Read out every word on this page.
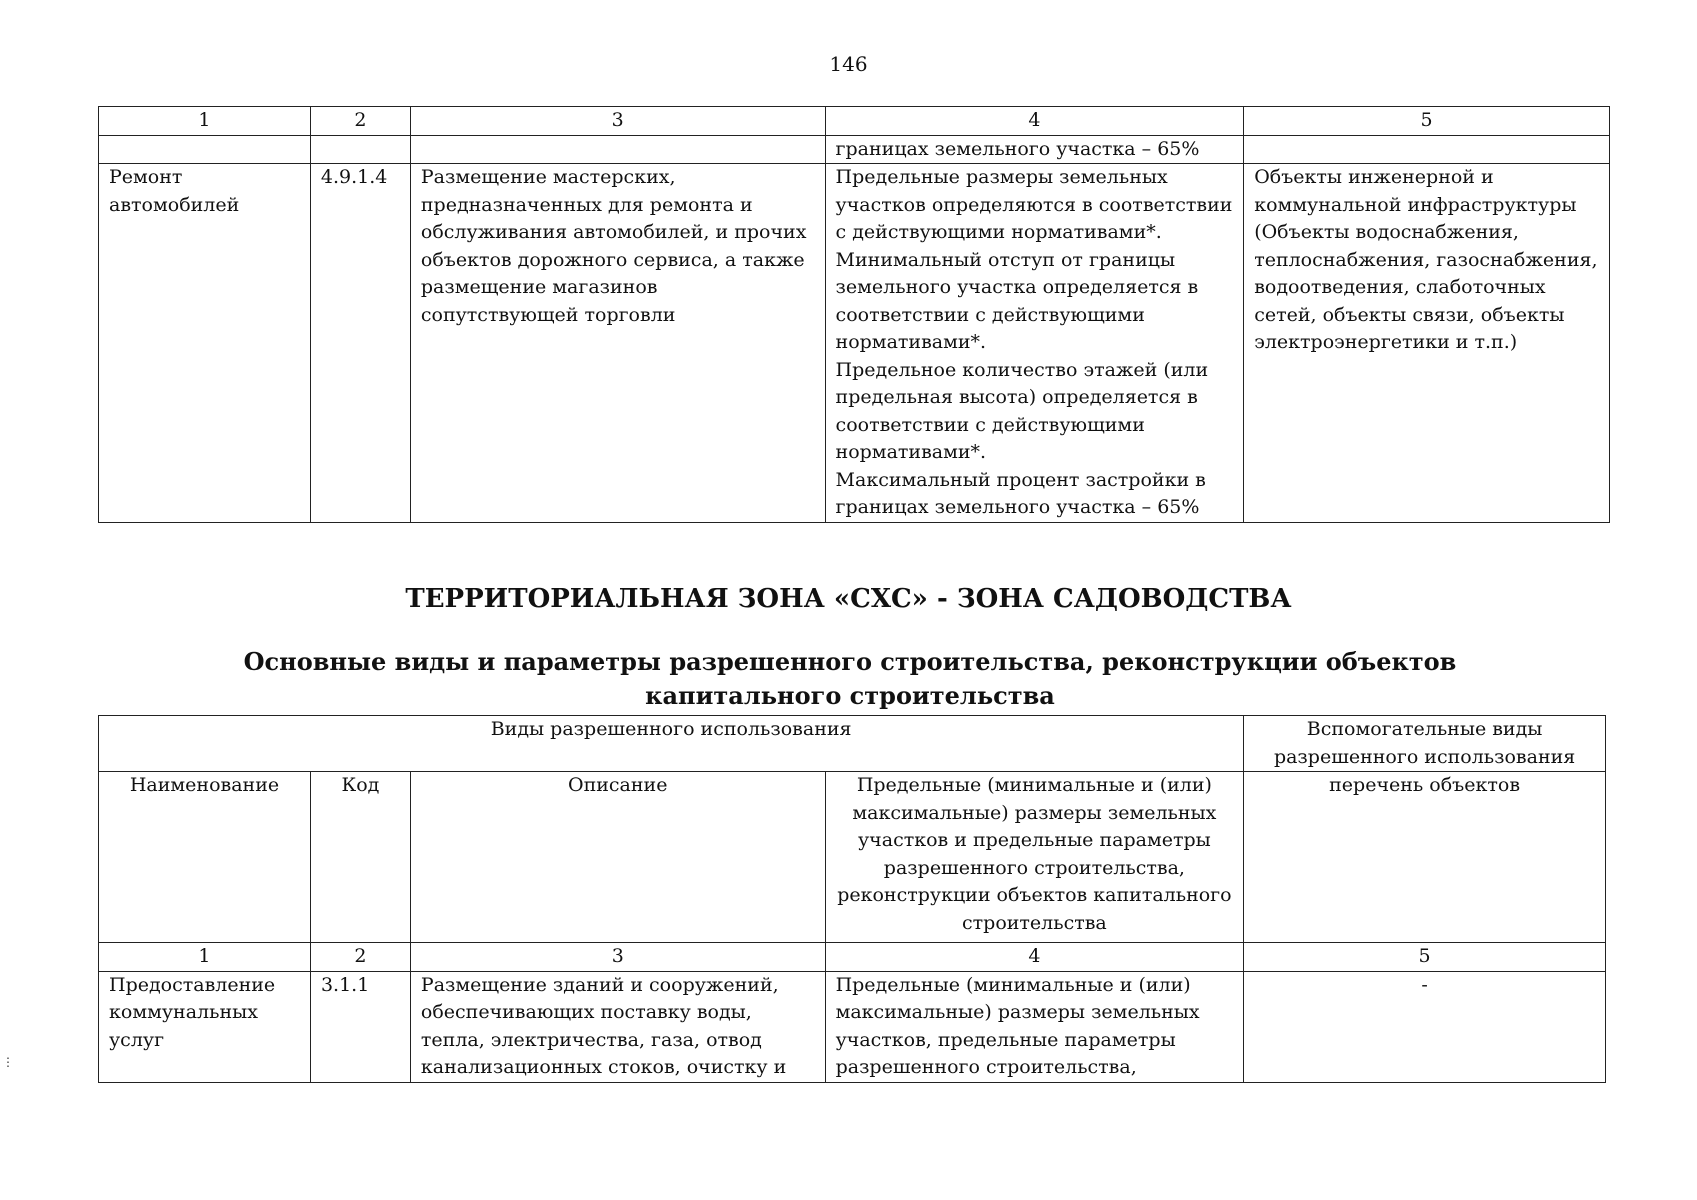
146
1	2	3	4	5
			границах земельного участка – 65%	
Ремонт автомобилей	4.9.1.4	Размещение мастерских, предназначенных для ремонта и обслуживания автомобилей, и прочих объектов дорожного сервиса, а также размещение магазинов сопутствующей торговли	Предельные размеры земельных участков определяются в соответствии с действующими нормативами*.
Минимальный отступ от границы земельного участка определяется в соответствии с действующими нормативами*.
Предельное количество этажей (или предельная высота) определяется в соответствии с действующими нормативами*.
Максимальный процент застройки в границах земельного участка – 65%	Объекты инженерной и коммунальной инфраструктуры (Объекты водоснабжения, теплоснабжения, газоснабжения, водоотведения, слаботочных сетей, объекты связи, объекты электроэнергетики и т.п.)
ТЕРРИТОРИАЛЬНАЯ ЗОНА «СХС» - ЗОНА САДОВОДСТВА
Основные виды и параметры разрешенного строительства, реконструкции объектов капитального строительства
Виды разрешенного использования				Вспомогательные виды разрешенного использования
Наименование	Код	Описание	Предельные (минимальные и (или) максимальные) размеры земельных участков и предельные параметры разрешенного строительства, реконструкции объектов капитального строительства	перечень объектов
1	2	3	4	5
Предоставление коммунальных услуг	3.1.1	Размещение зданий и сооружений, обеспечивающих поставку воды, тепла, электричества, газа, отвод канализационных стоков, очистку и	Предельные (минимальные и (или) максимальные) размеры земельных участков, предельные параметры разрешенного строительства,	-
⋮
